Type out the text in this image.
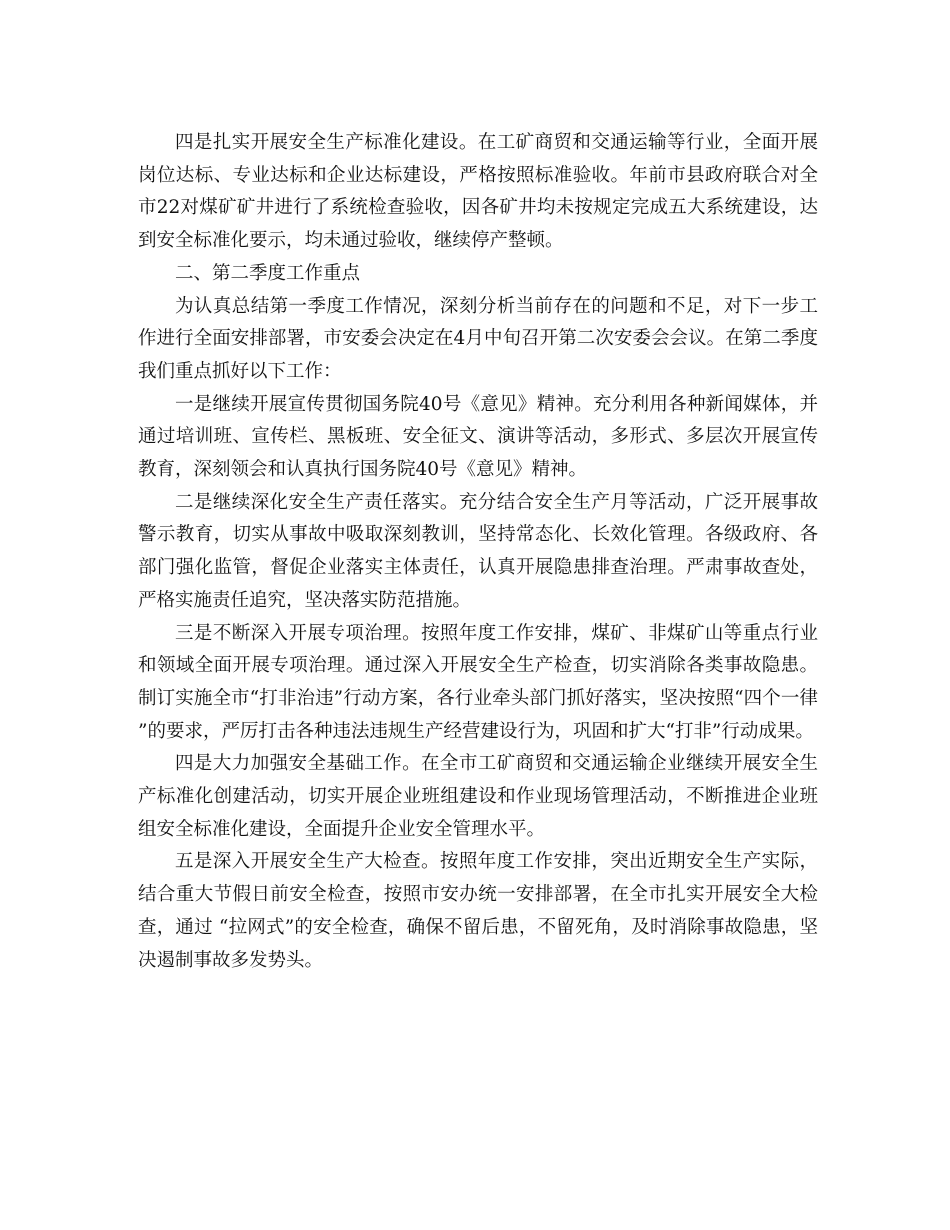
四是扎实开展安全生产标准化建设。在工矿商贸和交通运输等行业，全面开展岗位达标、专业达标和企业达标建设，严格按照标准验收。年前市县政府联合对全市22对煤矿矿井进行了系统检查验收，因各矿井均未按规定完成五大系统建设，达到安全标准化要示，均未通过验收，继续停产整顿。

二、第二季度工作重点

为认真总结第一季度工作情况，深刻分析当前存在的问题和不足，对下一步工作进行全面安排部署，市安委会决定在4月中旬召开第二次安委会会议。在第二季度我们重点抓好以下工作：

一是继续开展宣传贯彻国务院40号《意见》精神。充分利用各种新闻媒体，并通过培训班、宣传栏、黑板班、安全征文、演讲等活动，多形式、多层次开展宣传教育，深刻领会和认真执行国务院40号《意见》精神。

二是继续深化安全生产责任落实。充分结合安全生产月等活动，广泛开展事故警示教育，切实从事故中吸取深刻教训，坚持常态化、长效化管理。各级政府、各部门强化监管，督促企业落实主体责任，认真开展隐患排查治理。严肃事故查处，严格实施责任追究，坚决落实防范措施。

三是不断深入开展专项治理。按照年度工作安排，煤矿、非煤矿山等重点行业和领域全面开展专项治理。通过深入开展安全生产检查，切实消除各类事故隐患。制订实施全市“打非治违”行动方案，各行业牵头部门抓好落实，坚决按照“四个一律”的要求，严厉打击各种违法违规生产经营建设行为，巩固和扩大“打非”行动成果。

四是大力加强安全基础工作。在全市工矿商贸和交通运输企业继续开展安全生产标准化创建活动，切实开展企业班组建设和作业现场管理活动，不断推进企业班组安全标准化建设，全面提升企业安全管理水平。

五是深入开展安全生产大检查。按照年度工作安排，突出近期安全生产实际，结合重大节假日前安全检查，按照市安办统一安排部署，在全市扎实开展安全大检查，通过 “拉网式”的安全检查，确保不留后患，不留死角，及时消除事故隐患，坚决遏制事故多发势头。
